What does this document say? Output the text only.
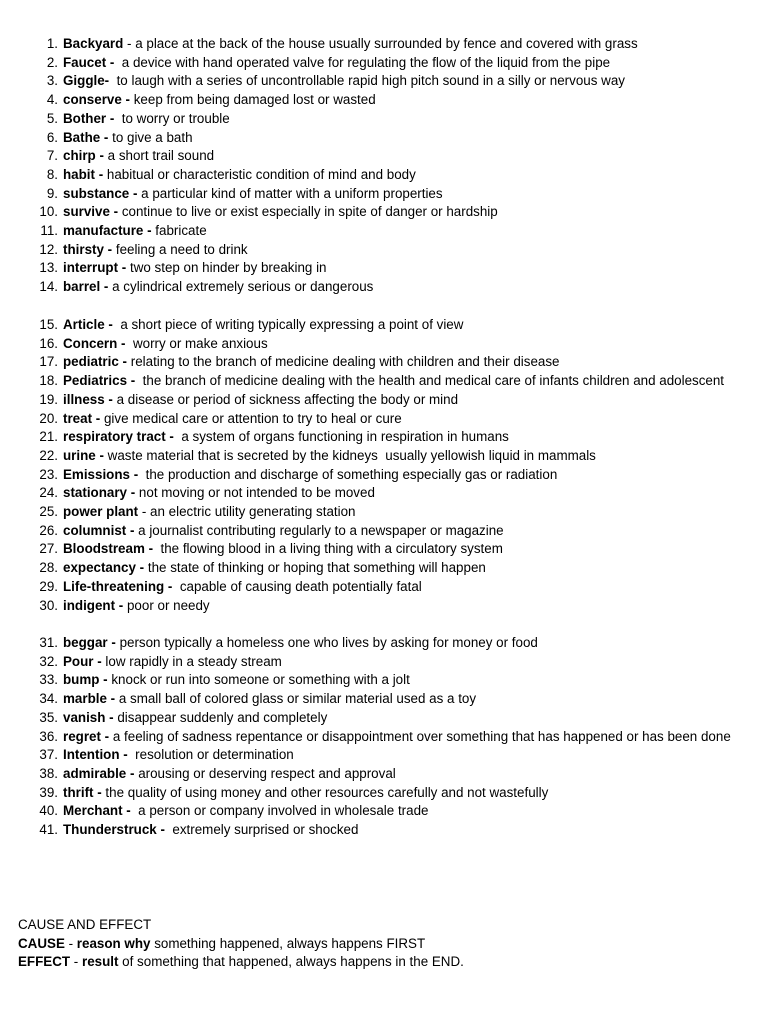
1. Backyard - a place at the back of the house usually surrounded by fence and covered with grass
2. Faucet - a device with hand operated valve for regulating the flow of the liquid from the pipe
3. Giggle- to laugh with a series of uncontrollable rapid high pitch sound in a silly or nervous way
4. conserve - keep from being damaged lost or wasted
5. Bother - to worry or trouble
6. Bathe - to give a bath
7. chirp - a short trail sound
8. habit - habitual or characteristic condition of mind and body
9. substance - a particular kind of matter with a uniform properties
10. survive - continue to live or exist especially in spite of danger or hardship
11. manufacture - fabricate
12. thirsty - feeling a need to drink
13. interrupt - two step on hinder by breaking in
14. barrel - a cylindrical extremely serious or dangerous
15. Article - a short piece of writing typically expressing a point of view
16. Concern - worry or make anxious
17. pediatric - relating to the branch of medicine dealing with children and their disease
18. Pediatrics - the branch of medicine dealing with the health and medical care of infants children and adolescent
19. illness - a disease or period of sickness affecting the body or mind
20. treat - give medical care or attention to try to heal or cure
21. respiratory tract - a system of organs functioning in respiration in humans
22. urine - waste material that is secreted by the kidneys  usually yellowish liquid in mammals
23. Emissions - the production and discharge of something especially gas or radiation
24. stationary - not moving or not intended to be moved
25. power plant - an electric utility generating station
26. columnist - a journalist contributing regularly to a newspaper or magazine
27. Bloodstream - the flowing blood in a living thing with a circulatory system
28. expectancy - the state of thinking or hoping that something will happen
29. Life-threatening - capable of causing death potentially fatal
30. indigent - poor or needy
31. beggar - person typically a homeless one who lives by asking for money or food
32. Pour - low rapidly in a steady stream
33. bump - knock or run into someone or something with a jolt
34. marble - a small ball of colored glass or similar material used as a toy
35. vanish - disappear suddenly and completely
36. regret - a feeling of sadness repentance or disappointment over something that has happened or has been done
37. Intention - resolution or determination
38. admirable - arousing or deserving respect and approval
39. thrift - the quality of using money and other resources carefully and not wastefully
40. Merchant - a person or company involved in wholesale trade
41. Thunderstruck - extremely surprised or shocked
CAUSE AND EFFECT
CAUSE - reason why something happened, always happens FIRST
EFFECT - result of something that happened, always happens in the END.
